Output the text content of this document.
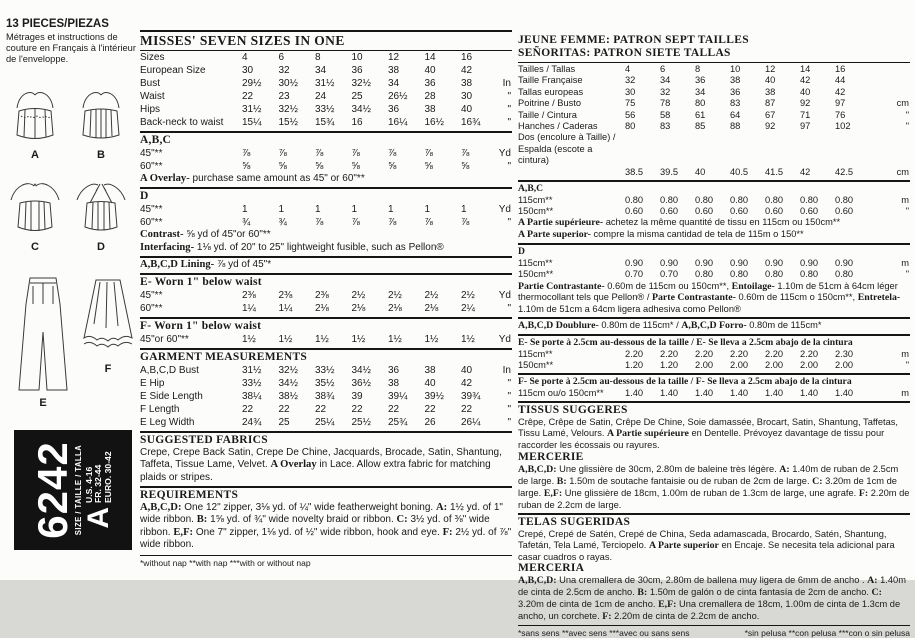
13 PIECES/PIEZAS
Métrages et instructions de couture en Français à l'intérieur de l'enveloppe.
A	B
C	D
E
F
6242
SIZE / TAILLE / TALLA A
U.S. 4-16 FR. 32-44 EURO. 30-42
MISSES' SEVEN SIZES IN ONE
Sizes	4	6	8	10	12	14	16
European Size	30	32	34	36	38	40	42
Bust	29½	30½	31½	32½	34	36	38	In
Waist	22	23	24	25	26½	28	30	"
Hips	31½	32½	33½	34½	36	38	40	"
Back-neck to waist	15¼	15½	15¾	16	16¼	16½	16¾	"
A,B,C
45"**	⅞	⅞	⅞	⅞	⅞	⅞	⅞	Yd
60"**	⅝	⅝	⅝	⅝	⅝	⅝	⅝	"
A Overlay- purchase same amount as 45" or 60"**
D
45"**	1	1	1	1	1	1	1	Yd
60"**	¾	¾	⅞	⅞	⅞	⅞	⅞	"
Contrast- ⅝ yd of 45"or 60"**
Interfacing- 1⅛ yd. of 20" to 25" lightweight fusible, such as Pellon®
A,B,C,D Lining- ⅞ yd of 45"*
E- Worn 1" below waist
45"**	2⅜	2⅜	2⅜	2½	2½	2½	2½	Yd
60"**	1¼	1¼	2⅛	2⅛	2⅛	2⅛	2¼	"
F- Worn 1" below waist
45"or 60"**	1½	1½	1½	1½	1½	1½	1½	Yd
GARMENT MEASUREMENTS
A,B,C,D Bust	31½	32½	33½	34½	36	38	40	In
E Hip	33½	34½	35½	36½	38	40	42	"
E Side Length	38¼	38½	38¾	39	39¼	39½	39¾	"
F Length	22	22	22	22	22	22	22	"
E Leg Width	24¾	25	25¼	25½	25¾	26	26¼	"
SUGGESTED FABRICS
Crepe, Crepe Back Satin, Crepe De Chine, Jacquards, Brocade, Satin, Shantung, Taffeta, Tissue Lame, Velvet. A Overlay in Lace. Allow extra fabric for matching plaids or stripes.
REQUIREMENTS
A,B,C,D: One 12" zipper, 3⅛ yd. of ¼" wide featherweight boning. A: 1½ yd. of 1" wide ribbon. B: 1⅝ yd. of ¾" wide novelty braid or ribbon. C: 3½ yd. of ⅜" wide ribbon. E,F: One 7" zipper, 1⅛ yd. of ½" wide ribbon, hook and eye. F: 2½ yd. of ⅞" wide ribbon.
*without nap **with nap ***with or without nap
JEUNE FEMME: PATRON SEPT TAILLES
SEÑORITAS: PATRON SIETE TALLAS
Tailles / Tallas	4	6	8	10	12	14	16
Taille Française	32	34	36	38	40	42	44
Tallas europeas	30	32	34	36	38	40	42
Poitrine / Busto	75	78	80	83	87	92	97	cm
Taille / Cintura	56	58	61	64	67	71	76	"
Hanches / Caderas	80	83	85	88	92	97	102	"
Dos (encolure à Taille) / Espalda (escote a cintura)
38.5	39.5	40	40.5	41.5	42	42.5	cm
A,B,C
115cm**	0.80	0.80	0.80	0.80	0.80	0.80	0.80	m
150cm**	0.60	0.60	0.60	0.60	0.60	0.60	0.60	"
A Partie supérieure- achetez la même quantité de tissu en 115cm ou 150cm**
A Parte superior- compre la misma cantidad de tela de 115m o 150**
D
115cm**	0.90	0.90	0.90	0.90	0.90	0.90	0.90	m
150cm**	0.70	0.70	0.80	0.80	0.80	0.80	0.80	"
Partie Contrastante- 0.60m de 115cm ou 150cm**, Entoilage- 1.10m de 51cm à 64cm léger thermocollant tels que Pellon® / Parte Contrastante- 0.60m de 115cm o 150cm**, Entretela- 1.10m de 51cm a 64cm ligera adhesiva como Pellon®
A,B,C,D Doublure- 0.80m de 115cm* / A,B,C,D Forro- 0.80m de 115cm*
E- Se porte à 2.5cm au-dessous de la taille / E- Se lleva a 2.5cm abajo de la cintura
115cm**	2.20	2.20	2.20	2.20	2.20	2.20	2.30	m
150cm**	1.20	1.20	2.00	2.00	2.00	2.00	2.00	"
F- Se porte à 2.5cm au-dessous de la taille / F- Se lleva a 2.5cm abajo de la cintura
115cm ou/o 150cm**	1.40	1.40	1.40	1.40	1.40	1.40	1.40	m
TISSUS SUGGERES
Crêpe, Crêpe de Satin, Crêpe De Chine, Soie damassée, Brocart, Satin, Shantung, Taffetas, Tissu Lamé, Velours. A Partie supérieure en Dentelle. Prévoyez davantage de tissu pour raccorder les écossais ou rayures.
MERCERIE
A,B,C,D: Une glissière de 30cm, 2.80m de baleine très légère. A: 1.40m de ruban de 2.5cm de large. B: 1.50m de soutache fantaisie ou de ruban de 2cm de large. C: 3.20m de 1cm de large. E,F: Une glissière de 18cm, 1.00m de ruban de 1.3cm de large, une agrafe. F: 2.20m de ruban de 2.2cm de large.
TELAS SUGERIDAS
Crepé, Crepé de Satén, Crepé de China, Seda adamascada, Brocardo, Satén, Shantung, Tafetán, Tela Lamé, Terciopelo. A Parte superior en Encaje. Se necesita tela adicional para casar cuadros o rayas.
MERCERIA
A,B,C,D: Una cremallera de 30cm, 2.80m de ballena muy ligera de 6mm de ancho . A: 1.40m de cinta de 2.5cm de ancho. B: 1.50m de galón o de cinta fantasía de 2cm de ancho. C: 3.20m de cinta de 1cm de ancho. E,F: Una cremallera de 18cm, 1.00m de cinta de 1.3cm de ancho, un corchete. F: 2.20m de cinta de 2.2cm de ancho.
*sans sens **avec sens ***avec ou sans sens	*sin pelusa **con pelusa ***con o sin pelusa
